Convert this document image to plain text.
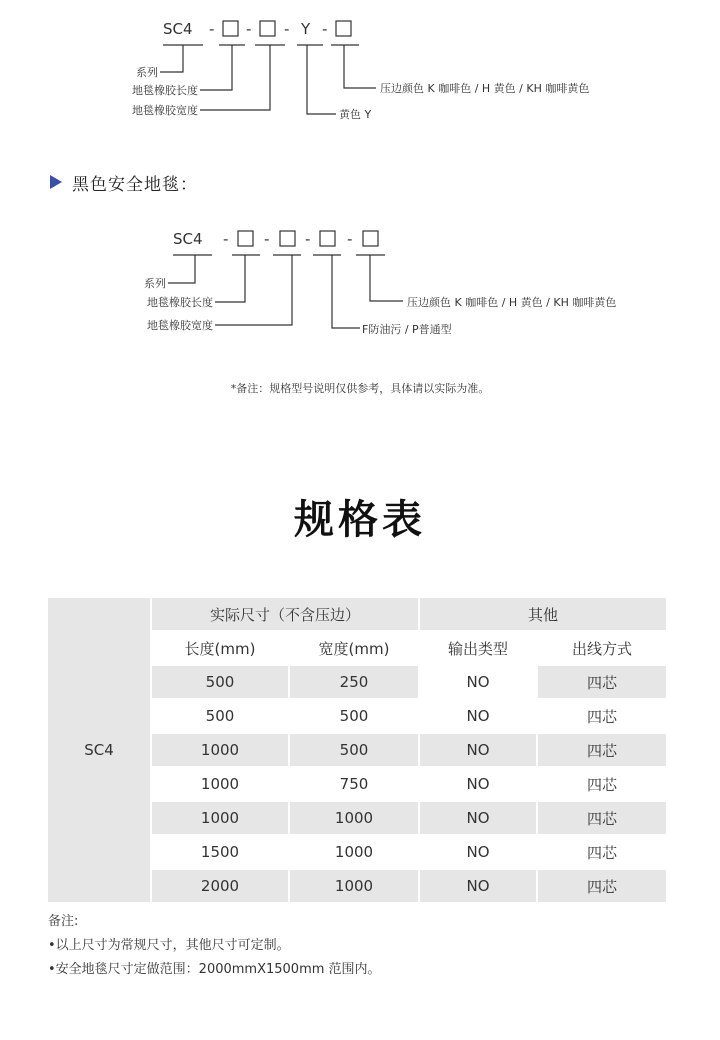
SC4 - - - Y -
系列
地毯橡胶长度
地毯橡胶宽度	黄色 Y
压边颜色 K 咖啡色 / H 黄色 / KH 咖啡黄色
黑色安全地毯：
SC4 - - - -
系列
地毯橡胶长度
地毯橡胶宽度	F防油污 / P普通型
压边颜色 K 咖啡色 / H 黄色 / KH 咖啡黄色
*备注：规格型号说明仅供参考，具体请以实际为准。
规格表
SC4	实际尺寸（不含压边）		其他	
	长度(mm)	宽度(mm)	输出类型	出线方式
	500	250	NO	四芯
	500	500	NO	四芯
	1000	500	NO	四芯
	1000	750	NO	四芯
	1000	1000	NO	四芯
	1500	1000	NO	四芯
	2000	1000	NO	四芯
备注:
•以上尺寸为常规尺寸，其他尺寸可定制。
•安全地毯尺寸定做范围：2000mmX1500mm 范围内。
